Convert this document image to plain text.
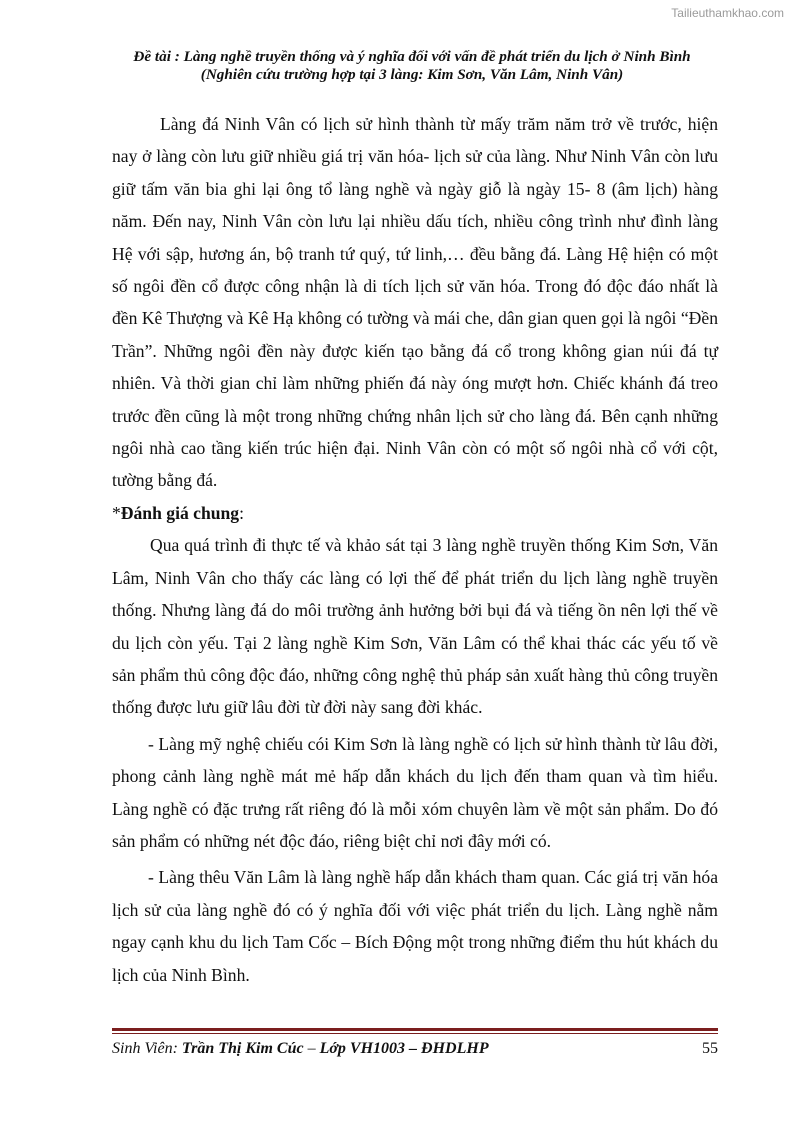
Tailieuthamkhao.com
Đề tài : Làng nghề truyền thống và ý nghĩa đối với vấn đề phát triển du lịch ở Ninh Bình
(Nghiên cứu trường hợp tại 3 làng: Kim Sơn, Văn Lâm, Ninh Vân)

Làng đá Ninh Vân có lịch sử hình thành từ mấy trăm năm trở về trước, hiện nay ở làng còn lưu giữ nhiều giá trị văn hóa- lịch sử của làng. Như Ninh Vân còn lưu giữ tấm văn bia ghi lại ông tổ làng nghề và ngày giỗ là ngày 15- 8 (âm lịch) hàng năm. Đến nay, Ninh Vân còn lưu lại nhiều dấu tích, nhiều công trình như đình làng Hệ với sập, hương án, bộ tranh tứ quý, tứ linh,… đều bằng đá. Làng Hệ hiện có một số ngôi đền cổ được công nhận là di tích lịch sử văn hóa. Trong đó độc đáo nhất là đền Kê Thượng và Kê Hạ không có tường và mái che, dân gian quen gọi là ngôi “Đền Trần”. Những ngôi đền này được kiến tạo bằng đá cổ trong không gian núi đá tự nhiên. Và thời gian chỉ làm những phiến đá này óng mượt hơn. Chiếc khánh đá treo trước đền cũng là một trong những chứng nhân lịch sử cho làng đá. Bên cạnh những ngôi nhà cao tầng kiến trúc hiện đại. Ninh Vân còn có một số ngôi nhà cổ với cột, tường bằng đá.

*Đánh giá chung:

Qua quá trình đi thực tế và khảo sát tại 3 làng nghề truyền thống Kim Sơn, Văn Lâm, Ninh Vân cho thấy các làng có lợi thế để phát triển du lịch làng nghề truyền thống. Nhưng làng đá do môi trường ảnh hưởng bởi bụi đá và tiếng ồn nên lợi thế về du lịch còn yếu. Tại 2 làng nghề Kim Sơn, Văn Lâm có thể khai thác các yếu tố về sản phẩm thủ công độc đáo, những công nghệ thủ pháp sản xuất hàng thủ công truyền thống được lưu giữ lâu đời từ đời này sang đời khác.

- Làng mỹ nghệ chiếu cói Kim Sơn là làng nghề có lịch sử hình thành từ lâu đời, phong cảnh làng nghề mát mẻ hấp dẫn khách du lịch đến tham quan và tìm hiểu. Làng nghề có đặc trưng rất riêng đó là mỗi xóm chuyên làm về một sản phẩm. Do đó sản phẩm có những nét độc đáo, riêng biệt chỉ nơi đây mới có.

- Làng thêu Văn Lâm là làng nghề hấp dẫn khách tham quan. Các giá trị văn hóa lịch sử của làng nghề đó có ý nghĩa đối với việc phát triển du lịch. Làng nghề nằm ngay cạnh khu du lịch Tam Cốc – Bích Động một trong những điểm thu hút khách du lịch của Ninh Bình.

Sinh Viên: Trần Thị Kim Cúc – Lớp VH1003 – ĐHDLHP	55
